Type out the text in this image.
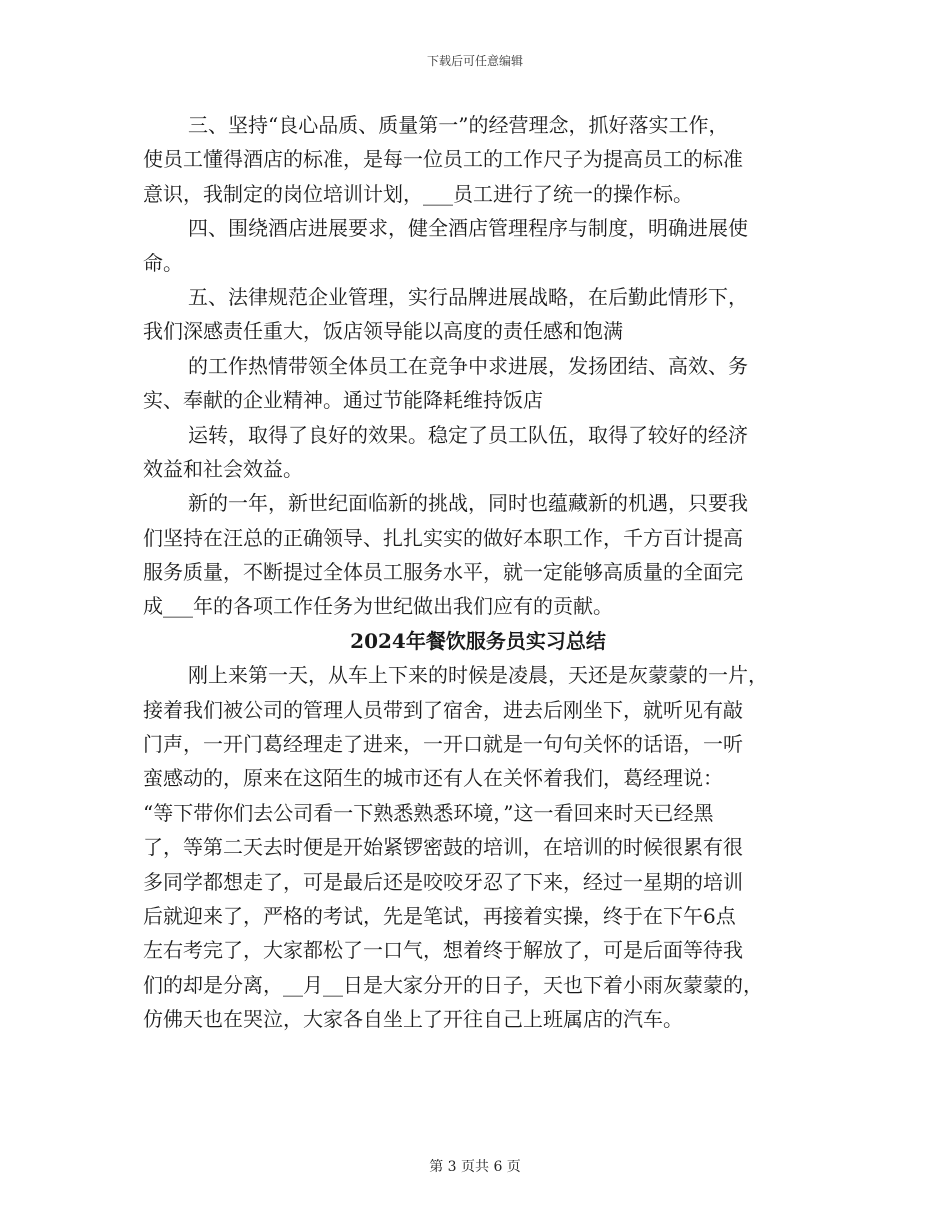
下载后可任意编辑
三、坚持“良心品质、质量第一”的经营理念，抓好落实工作，
使员工懂得酒店的标准，是每一位员工的工作尺子为提高员工的标准
意识，我制定的岗位培训计划，___员工进行了统一的操作标。
四、围绕酒店进展要求，健全酒店管理程序与制度，明确进展使
命。
五、法律规范企业管理，实行品牌进展战略，在后勤此情形下，
我们深感责任重大，饭店领导能以高度的责任感和饱满
的工作热情带领全体员工在竞争中求进展，发扬团结、高效、务
实、奉献的企业精神。通过节能降耗维持饭店
运转，取得了良好的效果。稳定了员工队伍，取得了较好的经济
效益和社会效益。
新的一年，新世纪面临新的挑战，同时也蕴藏新的机遇，只要我
们坚持在汪总的正确领导、扎扎实实的做好本职工作，千方百计提高
服务质量，不断提过全体员工服务水平，就一定能够高质量的全面完
成___年的各项工作任务为世纪做出我们应有的贡献。
2024年餐饮服务员实习总结
刚上来第一天，从车上下来的时候是凌晨，天还是灰蒙蒙的一片，
接着我们被公司的管理人员带到了宿舍，进去后刚坐下，就听见有敲
门声，一开门葛经理走了进来，一开口就是一句句关怀的话语，一听
蛮感动的，原来在这陌生的城市还有人在关怀着我们，葛经理说：
“等下带你们去公司看一下熟悉熟悉环境，”这一看回来时天已经黑
了，等第二天去时便是开始紧锣密鼓的培训，在培训的时候很累有很
多同学都想走了，可是最后还是咬咬牙忍了下来，经过一星期的培训
后就迎来了，严格的考试，先是笔试，再接着实操，终于在下午6点
左右考完了，大家都松了一口气，想着终于解放了，可是后面等待我
们的却是分离，__月__日是大家分开的日子，天也下着小雨灰蒙蒙的，
仿佛天也在哭泣，大家各自坐上了开往自己上班属店的汽车。
第 3 页共 6 页
